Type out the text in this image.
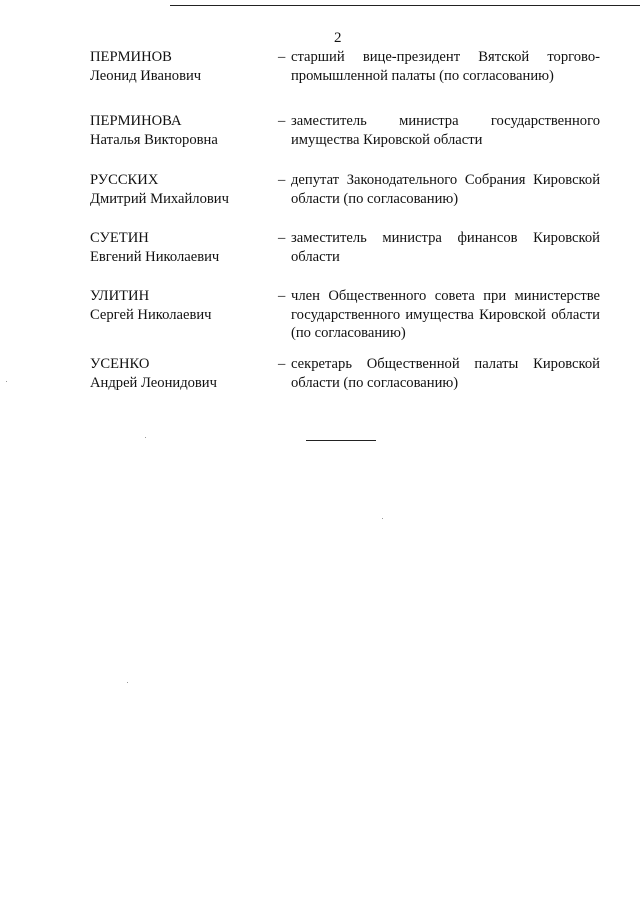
2
ПЕРМИНОВ
Леонид Иванович
– старший вице-президент Вятской торгово-промышленной палаты (по согласованию)
ПЕРМИНОВА
Наталья Викторовна
– заместитель министра государственного имущества Кировской области
РУССКИХ
Дмитрий Михайлович
– депутат Законодательного Собрания Кировской области (по согласованию)
СУЕТИН
Евгений Николаевич
– заместитель министра финансов Кировской области
УЛИТИН
Сергей Николаевич
– член Общественного совета при министерстве государственного имущества Кировской области (по согласованию)
УСЕНКО
Андрей Леонидович
– секретарь Общественной палаты Кировской области (по согласованию)
